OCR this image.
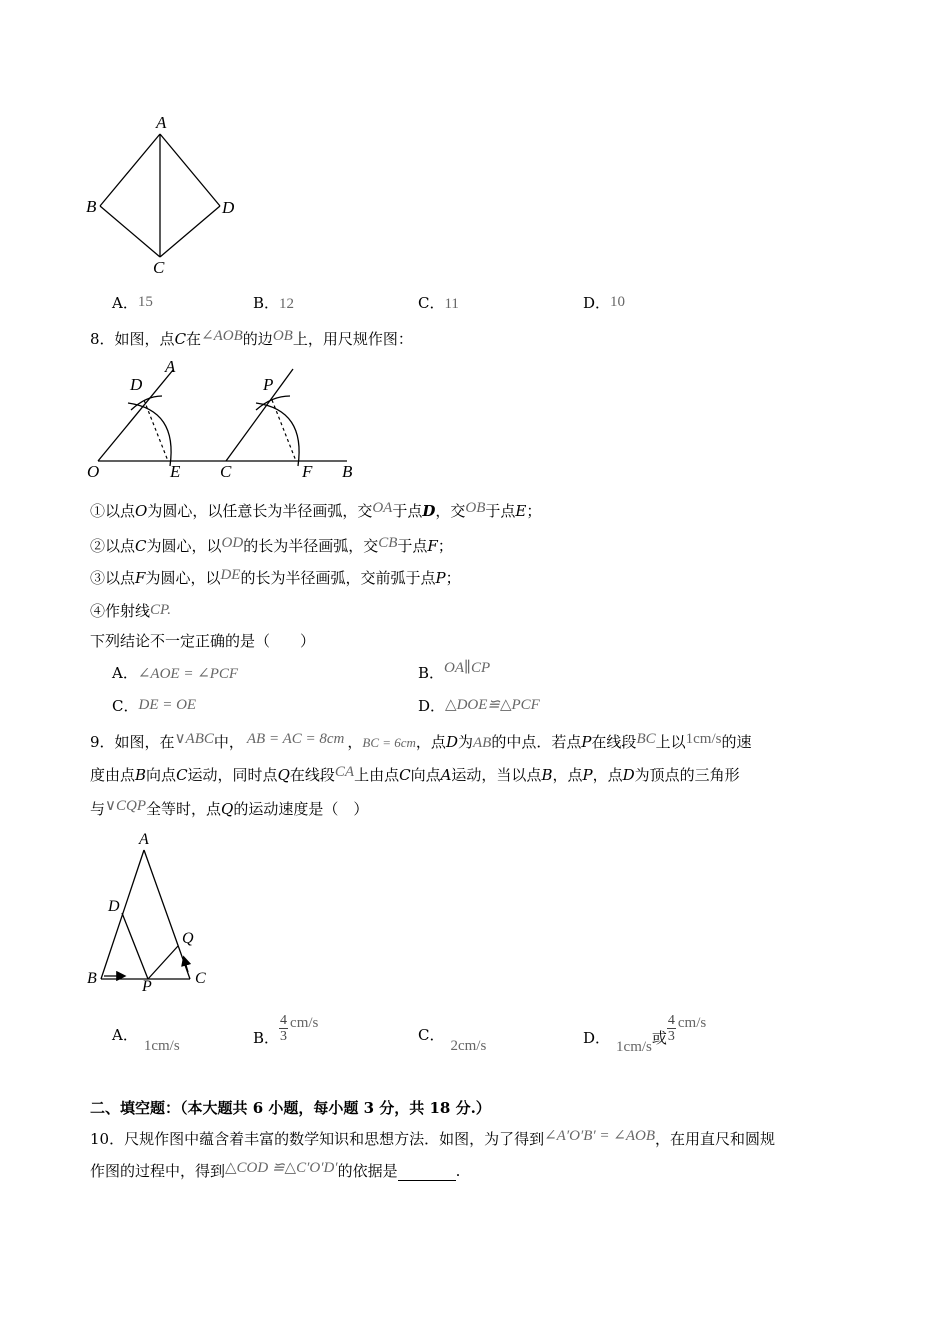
A
B	D
C
A．15	B．12	C．11	D．10
8．如图，点C在∠AOB的边OB上，用尺规作图：
O	E C	F B
D
A
P
①以点O为圆心，以任意长为半径画弧，交OA于点D，交OB于点E；
②以点C为圆心，以OD的长为半径画弧，交CB于点F；
③以点F为圆心，以DE的长为半径画弧，交前弧于点P；
④作射线CP.
下列结论不一定正确的是（　　）
A．∠AOE = ∠PCF	B．OA∥CP
C．DE = OE	D．△DOE≌△PCF
9．如图，在∨ABC中， AB = AC = 8cm ，BC = 6cm，点D为AB的中点．若点P在线段BC上以1cm/s的速
度由点B向点C运动，同时点Q在线段CA上由点C向点A运动，当以点B，点P，点D为顶点的三角形
与∨CQP全等时，点Q的运动速度是（　）
A
D
Q
B	P	C
A．1cm/s	B． $\frac{4}{3} cm/s$
C．2cm/s	D． 1cm/s或 $\frac{4}{3} cm/s$
二、填空题：（本大题共 6 小题，每小题 3 分，共 18 分.）
10．尺规作图中蕴含着丰富的数学知识和思想方法．如图，为了得到∠A′O′B′ = ∠AOB，在用直尺和圆规
作图的过程中，得到△COD ≌△C′O′D′的依据是	.
